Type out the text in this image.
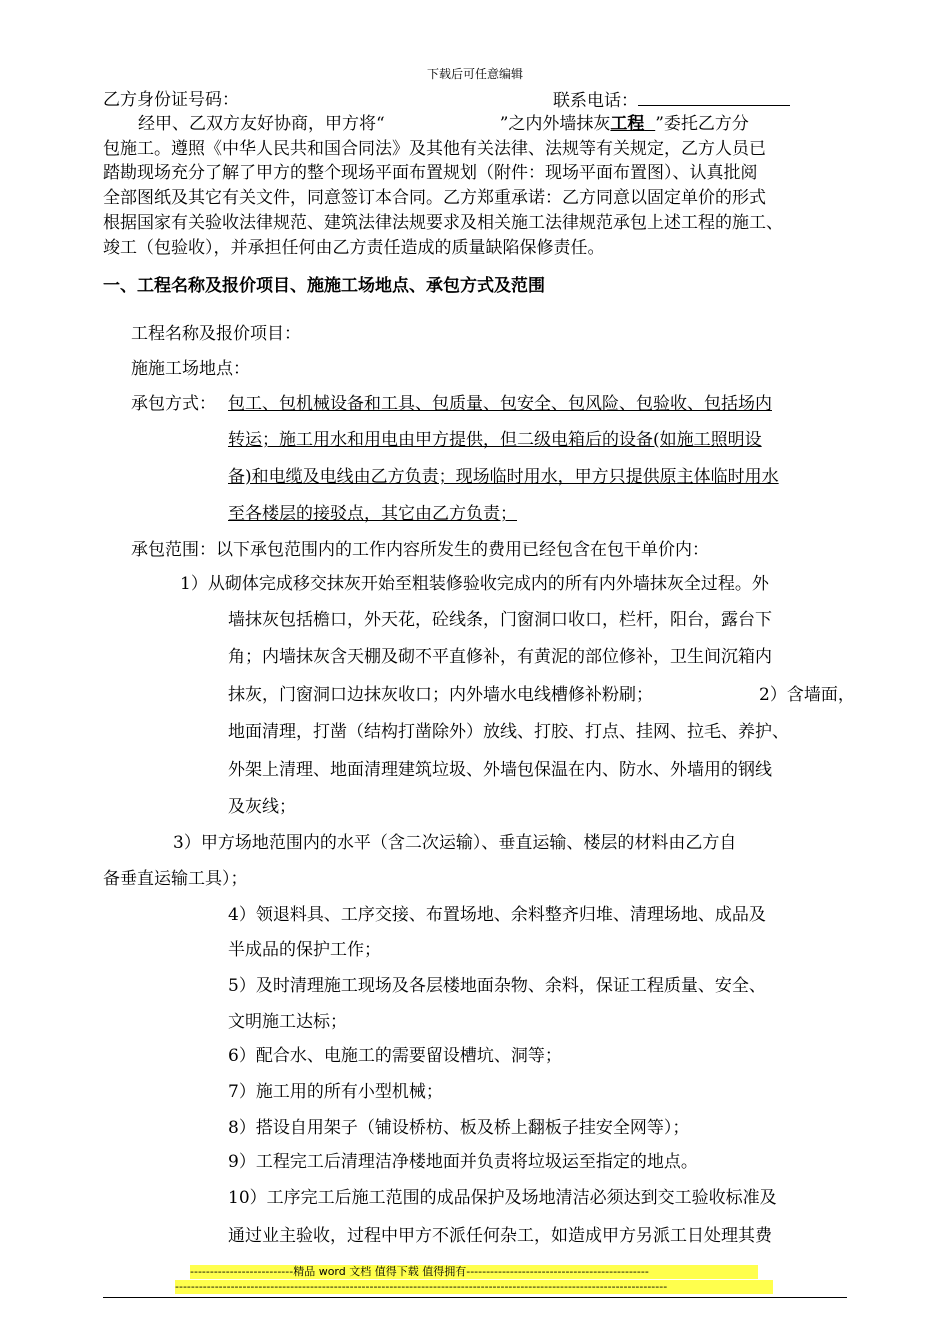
下载后可任意编辑
乙方身份证号码：	联系电话：
经甲、乙双方友好协商，甲方将“	”之内外墙抹灰工程 ”委托乙方分
包施工。遵照《中华人民共和国合同法》及其他有关法律、法规等有关规定，乙方人员已
踏勘现场充分了解了甲方的整个现场平面布置规划（附件：现场平面布置图）、认真批阅
全部图纸及其它有关文件，同意签订本合同。乙方郑重承诺：乙方同意以固定单价的形式
根据国家有关验收法律规范、建筑法律法规要求及相关施工法律规范承包上述工程的施工、
竣工（包验收），并承担任何由乙方责任造成的质量缺陷保修责任。
一、工程名称及报价项目、施施工场地点、承包方式及范围
工程名称及报价项目：
施施工场地点：
承包方式： 包工、包机械设备和工具、包质量、包安全、包风险、包验收、包括场内
转运；施工用水和用电由甲方提供，但二级电箱后的设备(如施工照明设
备)和电缆及电线由乙方负责；现场临时用水，甲方只提供原主体临时用水
至各楼层的接驳点，其它由乙方负责；
承包范围：以下承包范围内的工作内容所发生的费用已经包含在包干单价内：
1）从砌体完成移交抹灰开始至粗装修验收完成内的所有内外墙抹灰全过程。外
墙抹灰包括檐口，外天花，砼线条，门窗洞口收口，栏杆，阳台，露台下
角；内墙抹灰含天棚及砌不平直修补，有黄泥的部位修补，卫生间沉箱内
抹灰，门窗洞口边抹灰收口；内外墙水电线槽修补粉刷；	2）含墙面，
地面清理，打凿（结构打凿除外）放线、打胶、打点、挂网、拉毛、养护、
外架上清理、地面清理建筑垃圾、外墙包保温在内、防水、外墙用的钢线
及灰线；
3）甲方场地范围内的水平（含二次运输）、垂直运输、楼层的材料由乙方自
备垂直运输工具）；
4）领退料具、工序交接、布置场地、余料整齐归堆、清理场地、成品及
半成品的保护工作；
5）及时清理施工现场及各层楼地面杂物、余料，保证工程质量、安全、
文明施工达标；
6）配合水、电施工的需要留设槽坑、洞等；
7）施工用的所有小型机械；
8）搭设自用架子（铺设桥枋、板及桥上翻板子挂安全网等）；
9）工程完工后清理洁净楼地面并负责将垃圾运至指定的地点。
10）工序完工后施工范围的成品保护及场地清洁必须达到交工验收标准及
通过业主验收，过程中甲方不派任何杂工，如造成甲方另派工日处理其费
--------------------------精品 word 文档 值得下载 值得拥有----------------------------------------------
----------------------------------------------------------------------------------------------------------------------------
